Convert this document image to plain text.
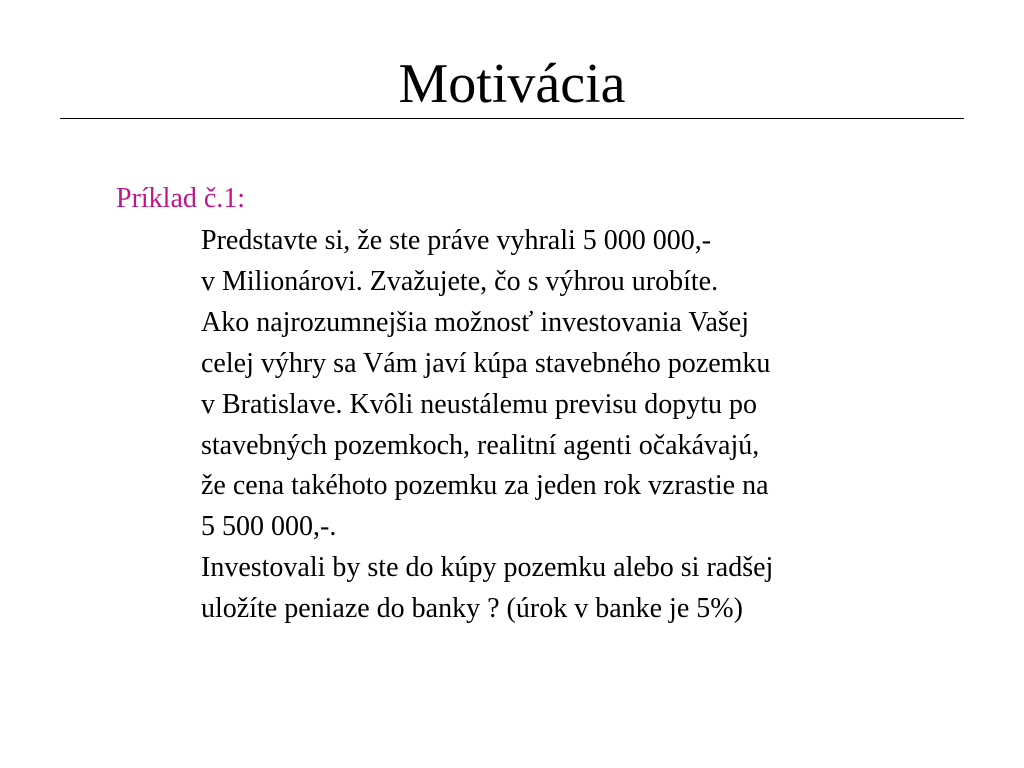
Motivácia
Príklad č.1:
Predstavte si, že ste práve vyhrali 5 000 000,-
v Milionárovi. Zvažujete, čo s výhrou urobíte.
Ako najrozumnejšia možnosť investovania Vašej
celej výhry sa Vám javí kúpa stavebného pozemku
v Bratislave. Kvôli neustálemu previsu dopytu po
stavebných pozemkoch, realitní agenti očakávajú,
že cena takéhoto pozemku za jeden rok vzrastie na
5 500 000,-.
Investovali by ste do kúpy pozemku alebo si radšej
uložíte peniaze do banky ? (úrok v banke je 5%)
